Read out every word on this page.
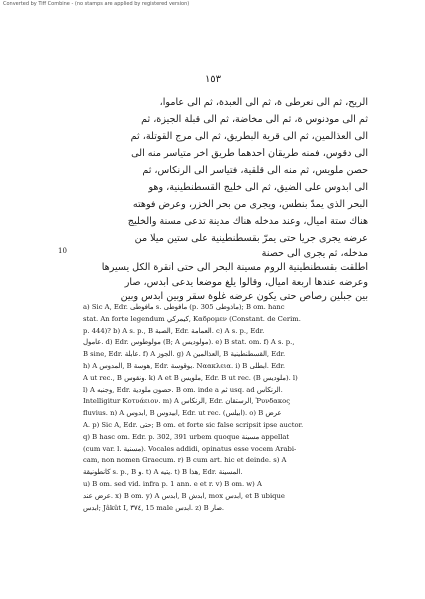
Converted by Tiff Combine - (no stamps are applied by registered version)
١٥٣
الريح، ثم الى نعرطى ة، ثم الى العبدة، ثم الى عاموا،
ثم الى مودنوس ة، ثم الى مخاضة، ثم الى قبلة الجيزة، ثم
الى العذالمين، ثم الى قرية البطريق، ثم الى مرج القوتلة، ثم
الى دقوس، فمنه طريقان أحدهما طريق آخر متياسر منه الى
حصن ملويس، ثم منه الى قلقية، فتياسر الى الرنكاس، ثم
الى ابدوس على الضيق، ثم الى خليج القسطنطينية، وهو
البحر الذى يمدّ بنطس، ويجرى من بحر الخزر، وعرض فوهته
هناك ستة اميال، وعند مدخله هناك مدينة تدعى مسنة والخليج
عرضه يجرى جريا حتى يمرّ بقسطنطينية على ستين ميلا من
مدخله، ثم يجرى الى حصنة
أطلقت بقسطنطينية الروم مسينة البحر الى حتى أنقرة الكل يسيرها
وعرضه عندها اربعة اميال، وقالوا يلغ موضعا يدعى أبدس، صار
بين جبلين رصاص حتى يكون عرضه غلوة سقر وبين ابدس وبين
10
a) Sic A, Edr. مافوطى s. مافوطى (p. 305 ماذوطى); B om. hanc
stat. An forte legendum كيمركي, Καδρομεν (Constant. de Cerim.
p. 444)? b) A s. p., B الصبة, Edr. العمامة. c) A s. p., Edr.
عامول. d) Edr. مولوطوس (B; A مولوديس). e) B stat. om. f) A s. p.,
B sine, Edr. عابلة. f) A الجوز. g) A العذالمين, B القسطنطينية, Edr.
h) A المدوس, B هوسة, Edr. بوقوسة. Ναακλεια. i) B ابطلى. Edr.
A ut rec., B ونقوس. k) A et B ملويس, Edr. B ut rec. (B ملوديس). l)
l) A وجنبه, Edr. حصون ملودية. B om. inde a ثم usq. ad الرنكاس.
Intelligitur Κοτυάειον. m) A الرنكاس, Edr. الرستقان, Ῥυνδακος
fluvius. n) A ابدوس, B ابيدوس, Edr. ut rec. (ابيلس). o) B عرض
A. p) Sic A, Edr. حتى; B om. et forte sic false scripsit ipse auctor.
q) B hasc om. Edr. p. 302, 391 urbem quoque مسينة appellat
(cum var. l. مسنية). Vocales addidi, opinatus esse vocem Arabi-
cam, non nomen Graecum. r) B cum art. hic et deinde. s) A
كانطونيقة s. p., B و. t) A يتيه. t) B هذا, Edr. المسينة.
u) B om. sed vid. infra p. 1 ann. e et r. v) B om. w) A
عرض عند. x) B om. y) A ابدس, B ابدش, mox ابدس, et B ubique
ابدس; Jâkût I, ٣٧٤, 15 male ابدس. z) B صار.
